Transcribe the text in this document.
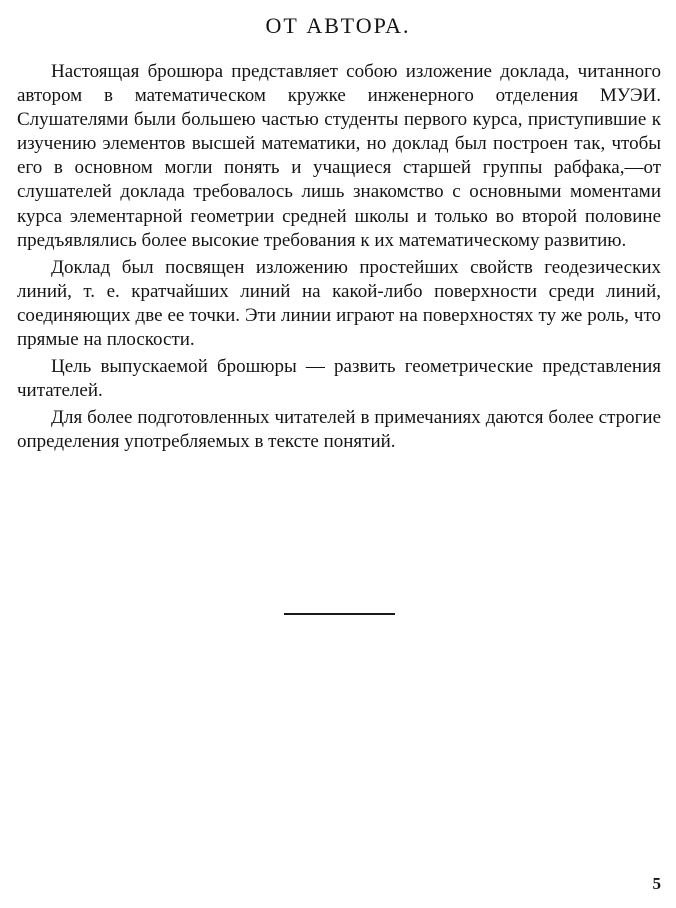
ОТ АВТОРА.

Настоящая брошюра представляет собою изложение доклада, читанного автором в математическом кружке инженерного отделения МУЭИ. Слушателями были большею частью студенты первого курса, приступившие к изучению элементов высшей математики, но доклад был построен так, чтобы его в основном могли понять и учащиеся старшей группы рабфака,—от слушателей доклада требовалось лишь знакомство с основными моментами курса элементарной геометрии средней школы и только во второй половине предъявлялись более высокие требования к их математическому развитию.

Доклад был посвящен изложению простейших свойств геодезических линий, т. е. кратчайших линий на какой-либо поверхности среди линий, соединяющих две ее точки. Эти линии играют на поверхностях ту же роль, что прямые на плоскости.

Цель выпускаемой брошюры — развить геометрические представления читателей.

Для более подготовленных читателей в примечаниях даются более строгие определения употребляемых в тексте понятий.

5
